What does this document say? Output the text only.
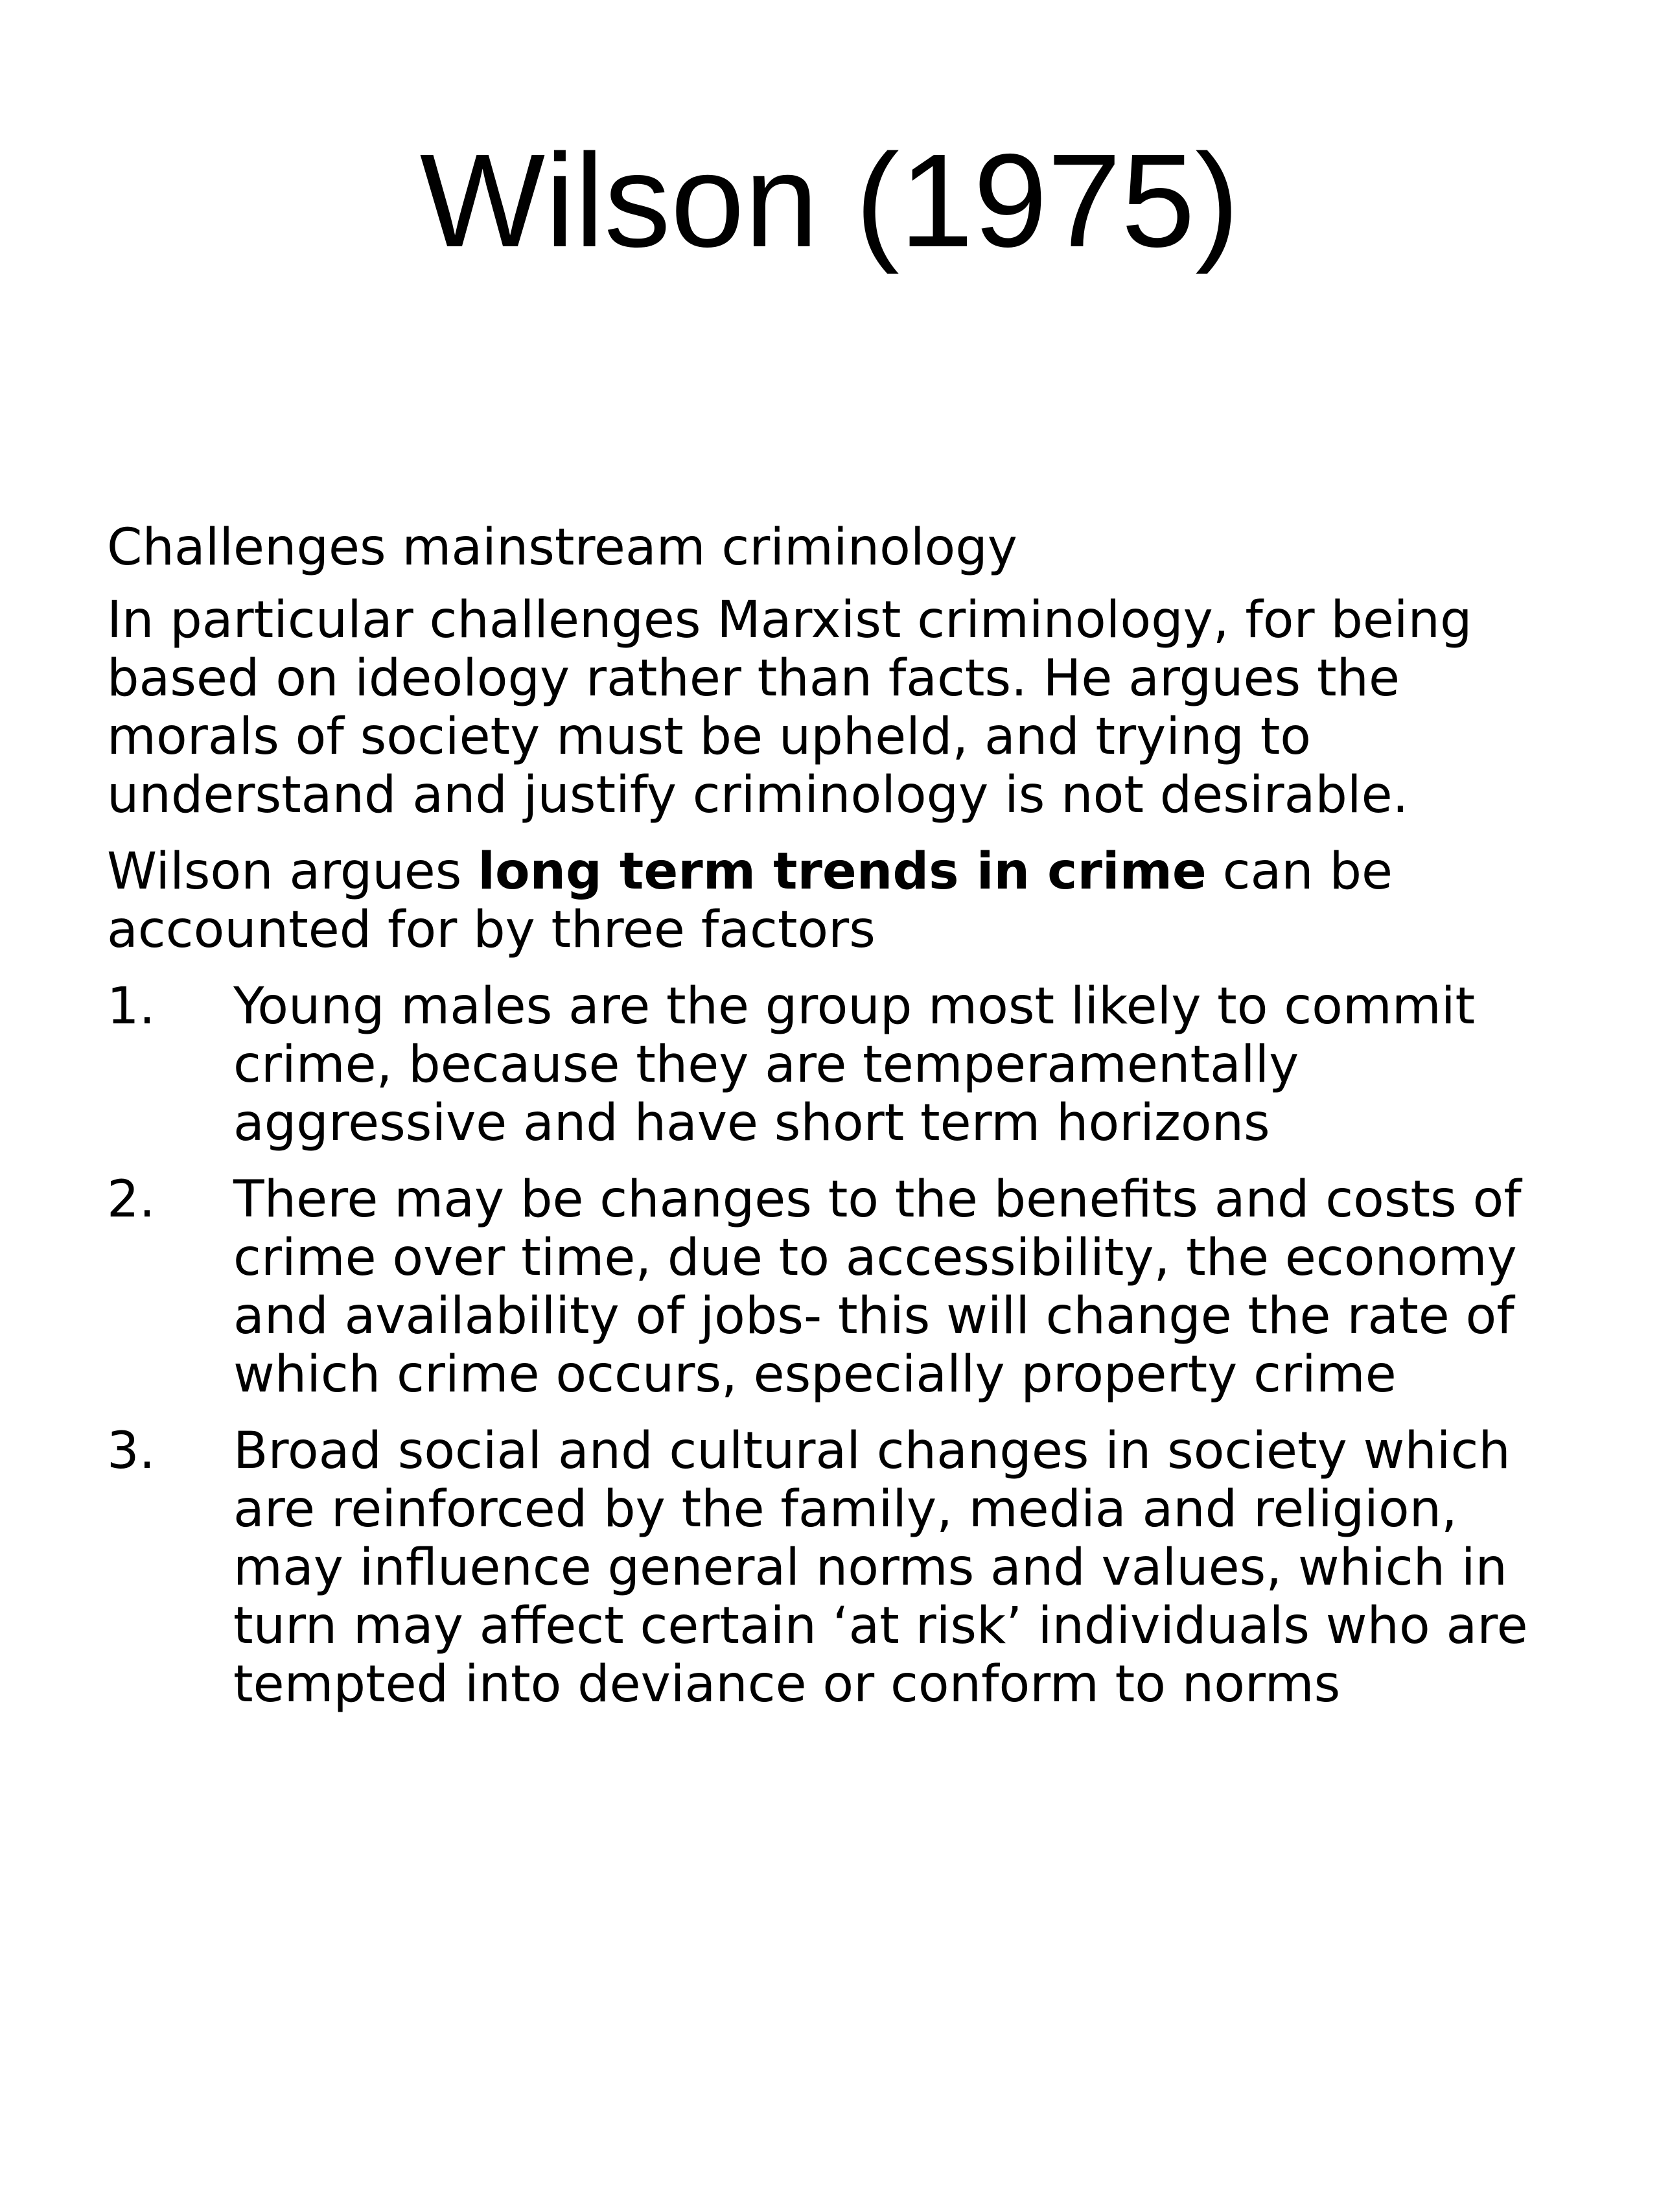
Wilson (1975)

Challenges mainstream criminology

In particular challenges Marxist criminology, for being based on ideology rather than facts. He argues the morals of society must be upheld, and trying to understand and justify criminology is not desirable.

Wilson argues long term trends in crime can be accounted for by three factors

1. Young males are the group most likely to commit crime, because they are temperamentally aggressive and have short term horizons
2. There may be changes to the benefits and costs of crime over time, due to accessibility, the economy and availability of jobs- this will change the rate of which crime occurs, especially property crime
3. Broad social and cultural changes in society which are reinforced by the family, media and religion, may influence general norms and values, which in turn may affect certain ‘at risk’ individuals who are tempted into deviance or conform to norms
